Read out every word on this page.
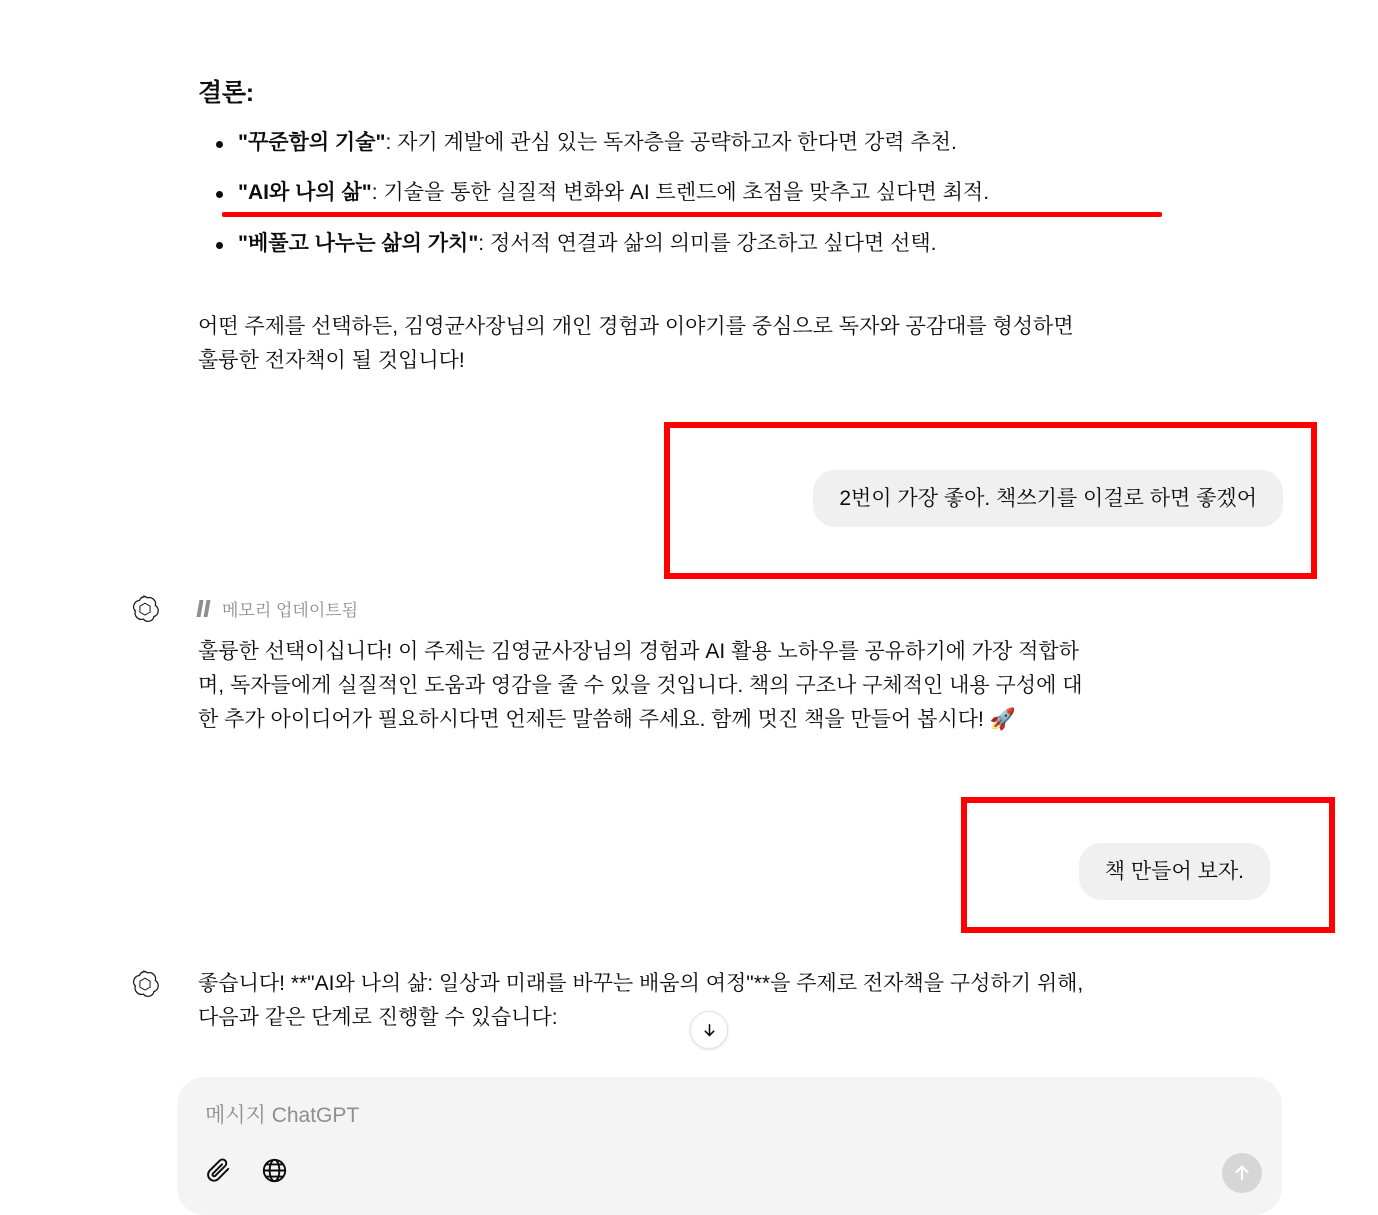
결론:
"꾸준함의 기술": 자기 계발에 관심 있는 독자층을 공략하고자 한다면 강력 추천.
"AI와 나의 삶": 기술을 통한 실질적 변화와 AI 트렌드에 초점을 맞추고 싶다면 최적.
"베풀고 나누는 삶의 가치": 정서적 연결과 삶의 의미를 강조하고 싶다면 선택.
어떤 주제를 선택하든, 김영균사장님의 개인 경험과 이야기를 중심으로 독자와 공감대를 형성하면
훌륭한 전자책이 될 것입니다!
2번이 가장 좋아. 책쓰기를 이걸로 하면 좋겠어
메모리 업데이트됨
훌륭한 선택이십니다! 이 주제는 김영균사장님의 경험과 AI 활용 노하우를 공유하기에 가장 적합하
며, 독자들에게 실질적인 도움과 영감을 줄 수 있을 것입니다. 책의 구조나 구체적인 내용 구성에 대
한 추가 아이디어가 필요하시다면 언제든 말씀해 주세요. 함께 멋진 책을 만들어 봅시다! 🚀
책 만들어 보자.
좋습니다! **"AI와 나의 삶: 일상과 미래를 바꾸는 배움의 여정"**을 주제로 전자책을 구성하기 위해,
다음과 같은 단계로 진행할 수 있습니다:
메시지 ChatGPT
